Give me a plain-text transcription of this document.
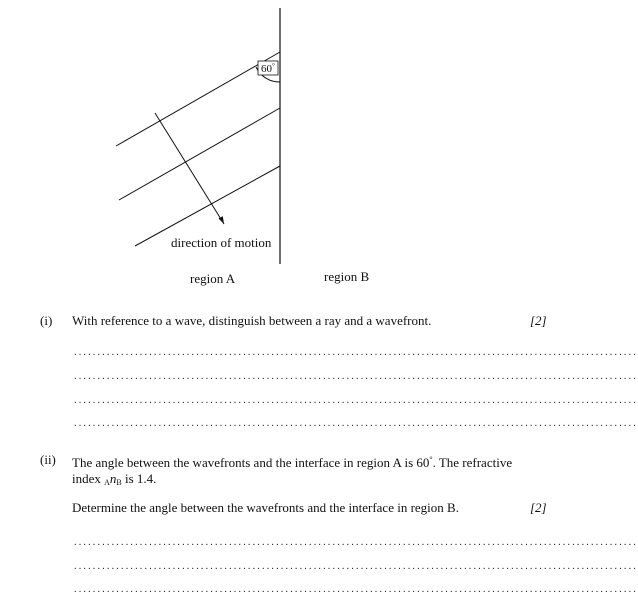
60°
direction of motion
region A	region B
(i) With reference to a wave, distinguish between a ray and a wavefront.	[2]
........................................................................................................................
........................................................................................................................
........................................................................................................................
........................................................................................................................
(ii) The angle between the wavefronts and the interface in region A is 60°. The refractive
index $_An_B$ is 1.4.
Determine the angle between the wavefronts and the interface in region B.	[2]
........................................................................................................................
........................................................................................................................
........................................................................................................................
